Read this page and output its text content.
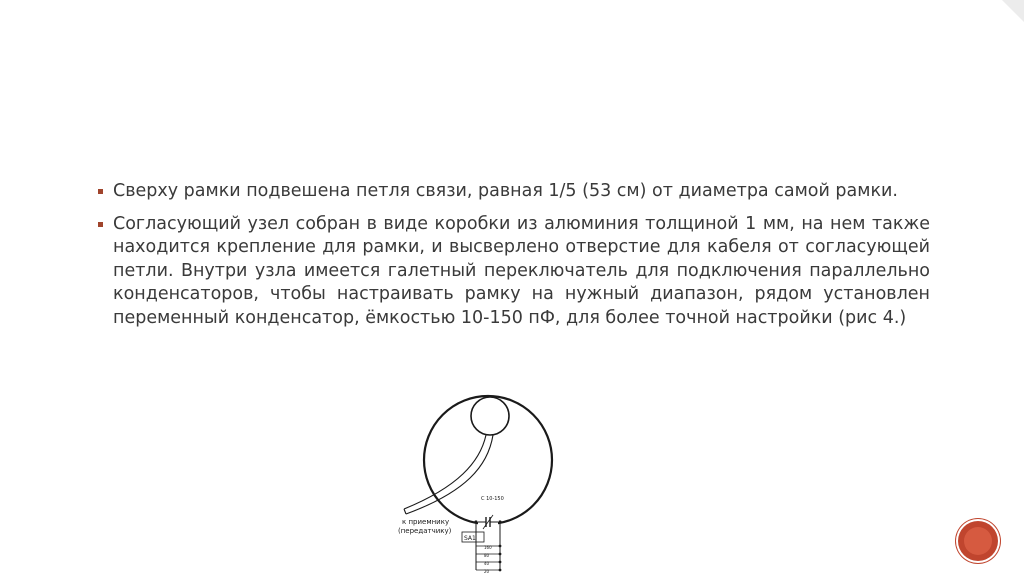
Сверху рамки подвешена петля связи, равная 1/5 (53 см) от диаметра самой рамки.
Согласующий узел собран в виде коробки из алюминия толщиной 1 мм, на нем также находится крепление для рамки, и высверлено отверстие для кабеля от согласующей петли. Внутри узла имеется галетный переключатель для подключения параллельно конденсаторов, чтобы настраивать рамку на нужный диапазон, рядом установлен переменный конденсатор, ёмкостью 10-150 пФ, для более точной настройки (рис 4.)
C 10-150
SA1
160
80
40
20
к приемнику
(передатчику)
